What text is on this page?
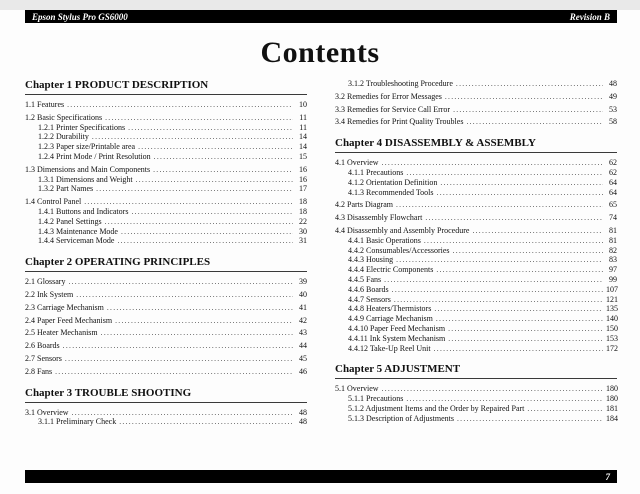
Epson Stylus Pro GS6000	Revision B
Contents
Chapter 1 PRODUCT DESCRIPTION
1.1 Features .....	10
1.2 Basic Specifications .....	11
1.2.1 Printer Specifications .....	11
1.2.2 Durability .....	14
1.2.3 Paper size/Printable area .....	14
1.2.4 Print Mode / Print Resolution .....	15
1.3 Dimensions and Main Components .....	16
1.3.1 Dimensions and Weight .....	16
1.3.2 Part Names .....	17
1.4 Control Panel .....	18
1.4.1 Buttons and Indicators .....	18
1.4.2 Panel Settings .....	22
1.4.3 Maintenance Mode .....	30
1.4.4 Serviceman Mode .....	31
Chapter 2 OPERATING PRINCIPLES
2.1 Glossary .....	39
2.2 Ink System .....	40
2.3 Carriage Mechanism .....	41
2.4 Paper Feed Mechanism .....	42
2.5 Heater Mechanism .....	43
2.6 Boards .....	44
2.7 Sensors .....	45
2.8 Fans .....	46
Chapter 3 TROUBLE SHOOTING
3.1 Overview .....	48
3.1.1 Preliminary Check .....	48
3.1.2 Troubleshooting Procedure .....	48
3.2 Remedies for Error Messages .....	49
3.3 Remedies for Service Call Error .....	53
3.4 Remedies for Print Quality Troubles .....	58
Chapter 4 DISASSEMBLY & ASSEMBLY
4.1 Overview .....	62
4.1.1 Precautions .....	62
4.1.2 Orientation Definition .....	64
4.1.3 Recommended Tools .....	64
4.2 Parts Diagram .....	65
4.3 Disassembly Flowchart .....	74
4.4 Disassembly and Assembly Procedure .....	81
4.4.1 Basic Operations .....	81
4.4.2 Consumables/Accessories .....	82
4.4.3 Housing .....	83
4.4.4 Electric Components .....	97
4.4.5 Fans .....	99
4.4.6 Boards .....	107
4.4.7 Sensors .....	121
4.4.8 Heaters/Thermistors .....	135
4.4.9 Carriage Mechanism .....	140
4.4.10 Paper Feed Mechanism .....	150
4.4.11 Ink System Mechanism .....	153
4.4.12 Take-Up Reel Unit .....	172
Chapter 5 ADJUSTMENT
5.1 Overview .....	180
5.1.1 Precautions .....	180
5.1.2 Adjustment Items and the Order by Repaired Part .....	181
5.1.3 Description of Adjustments .....	184
7
